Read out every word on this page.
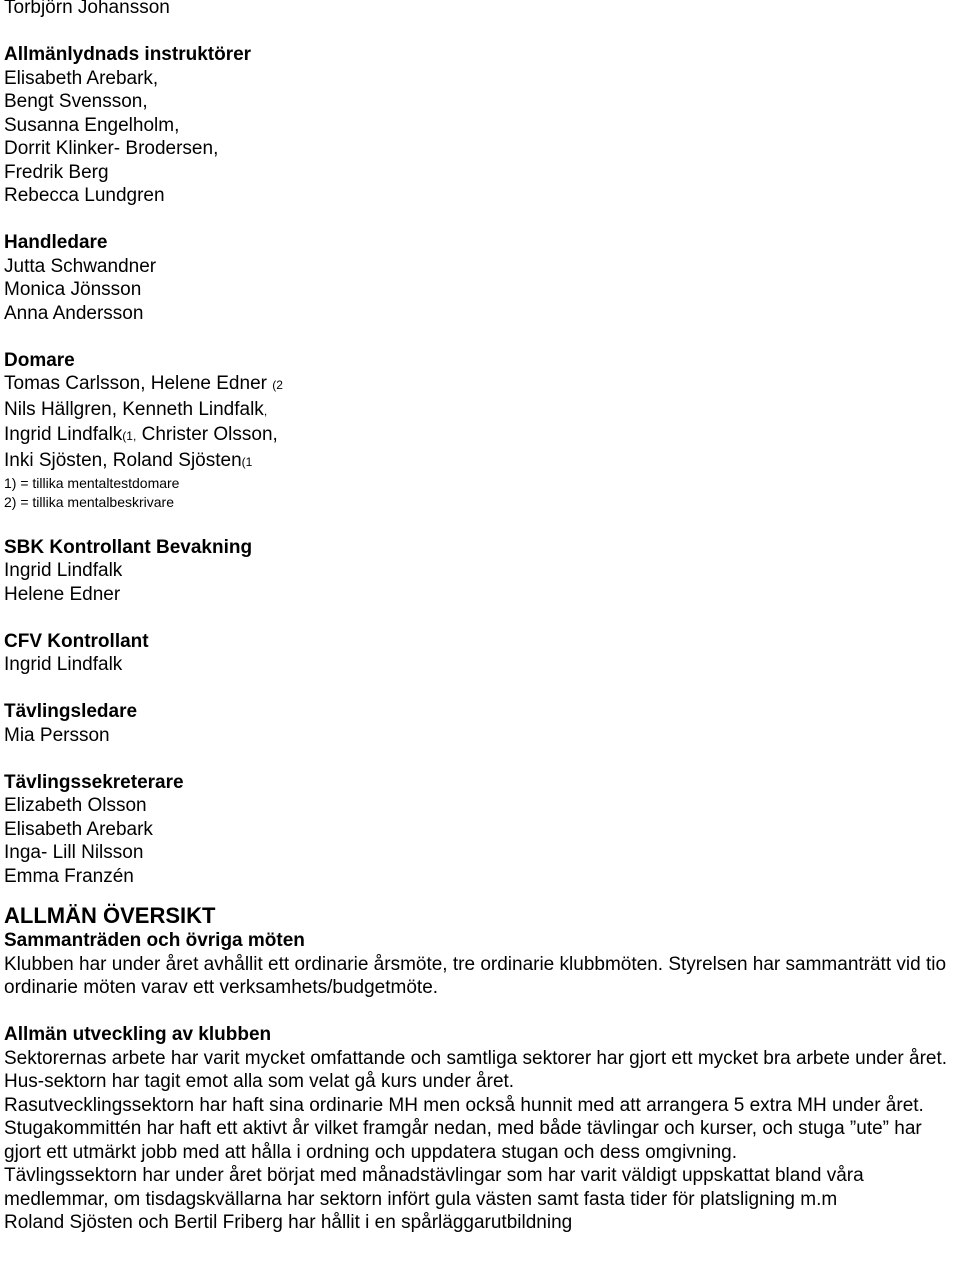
Torbjörn Johansson
Allmänlydnads instruktörer
Elisabeth Arebark,
Bengt Svensson,
Susanna Engelholm,
Dorrit Klinker- Brodersen,
Fredrik Berg
Rebecca Lundgren
Handledare
Jutta Schwandner
Monica Jönsson
Anna Andersson
Domare
Tomas Carlsson, Helene Edner (2
Nils Hällgren, Kenneth Lindfalk,
Ingrid Lindfalk(1, Christer Olsson,
Inki Sjösten, Roland Sjösten(1
1) = tillika mentaltestdomare
2) = tillika mentalbeskrivare
SBK Kontrollant Bevakning
Ingrid Lindfalk
Helene Edner
CFV Kontrollant
Ingrid Lindfalk
Tävlingsledare
Mia Persson
Tävlingssekreterare
Elizabeth Olsson
Elisabeth Arebark
Inga- Lill Nilsson
Emma Franzén
ALLMÄN ÖVERSIKT
Sammanträden och övriga möten
Klubben har under året avhållit ett ordinarie årsmöte, tre ordinarie klubbmöten. Styrelsen har sammanträtt vid tio ordinarie möten varav ett verksamhets/budgetmöte.
Allmän utveckling av klubben
Sektorernas arbete har varit mycket omfattande och samtliga sektorer har gjort ett mycket bra arbete under året.
Hus-sektorn har tagit emot alla som velat gå kurs under året.
Rasutvecklingssektorn har haft sina ordinarie MH men också hunnit med att arrangera 5 extra MH under året.
Stugakommittén har haft ett aktivt år vilket framgår nedan, med både tävlingar och kurser, och stuga ”ute” har gjort ett utmärkt jobb med att hålla i ordning och uppdatera stugan och dess omgivning.
Tävlingssektorn har under året börjat med månadstävlingar som har varit väldigt uppskattat bland våra medlemmar, om tisdagskvällarna har sektorn infört gula västen samt fasta tider för platsligning m.m
Roland Sjösten och Bertil Friberg har hållit i en spårläggarutbildning
